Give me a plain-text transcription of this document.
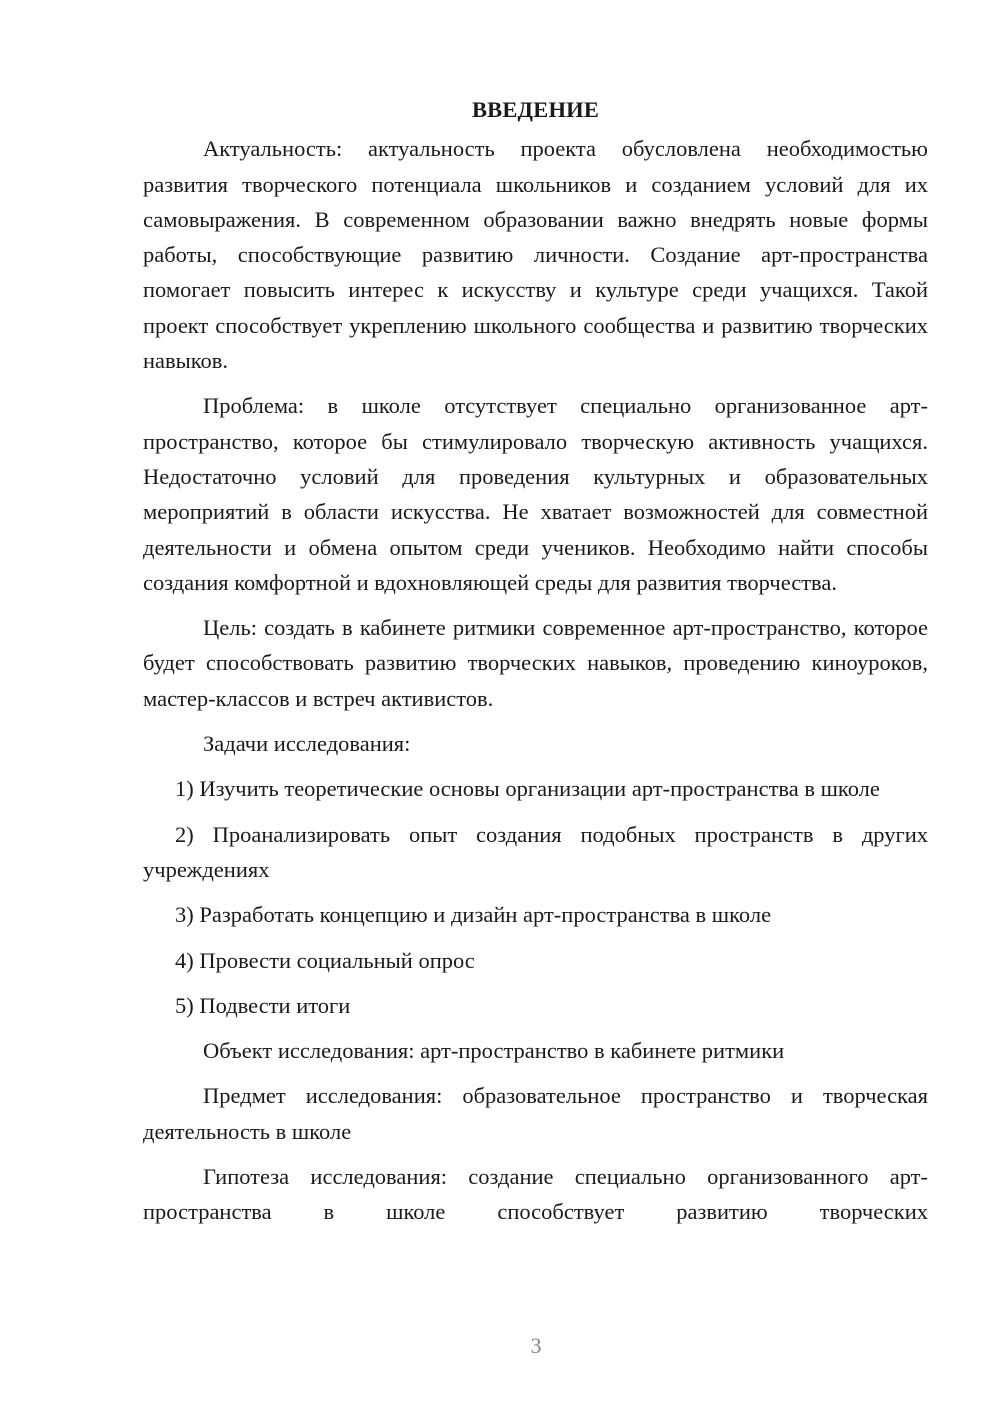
ВВЕДЕНИЕ

Актуальность: актуальность проекта обусловлена необходимостью развития творческого потенциала школьников и созданием условий для их самовыражения. В современном образовании важно внедрять новые формы работы, способствующие развитию личности. Создание арт-пространства помогает повысить интерес к искусству и культуре среди учащихся. Такой проект способствует укреплению школьного сообщества и развитию творческих навыков.

Проблема: в школе отсутствует специально организованное арт-пространство, которое бы стимулировало творческую активность учащихся. Недостаточно условий для проведения культурных и образовательных мероприятий в области искусства. Не хватает возможностей для совместной деятельности и обмена опытом среди учеников. Необходимо найти способы создания комфортной и вдохновляющей среды для развития творчества.

Цель: создать в кабинете ритмики современное арт-пространство, которое будет способствовать развитию творческих навыков, проведению киноуроков, мастер-классов и встреч активистов.

Задачи исследования:

1) Изучить теоретические основы организации арт-пространства в школе

2) Проанализировать опыт создания подобных пространств в других учреждениях

3) Разработать концепцию и дизайн арт-пространства в школе

4) Провести социальный опрос

5) Подвести итоги

Объект исследования: арт-пространство в кабинете ритмики

Предмет исследования: образовательное пространство и творческая деятельность в школе

Гипотеза исследования: создание специально организованного арт-пространства в школе способствует развитию творческих

3
